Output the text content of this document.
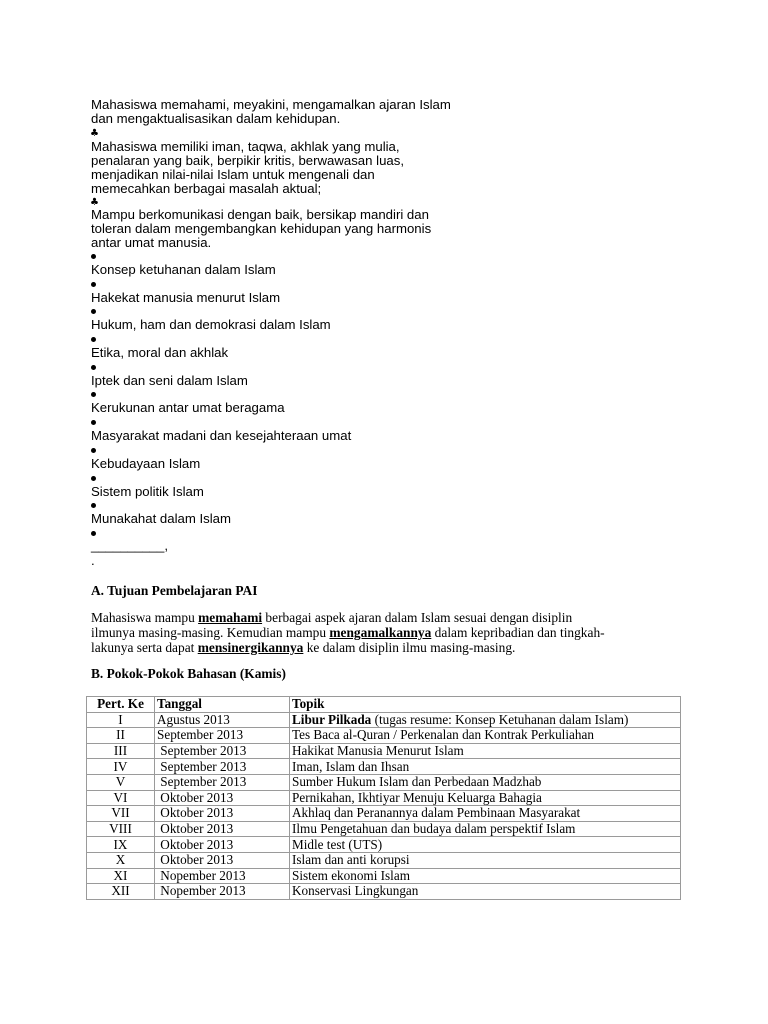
Mahasiswa memahami, meyakini, mengamalkan ajaran Islam
dan mengaktualisasikan dalam kehidupan.
♣
Mahasiswa memiliki iman, taqwa, akhlak yang mulia,
penalaran yang baik, berpikir kritis, berwawasan luas,
menjadikan nilai-nilai Islam untuk mengenali dan
memecahkan berbagai masalah aktual;
♣
Mampu berkomunikasi dengan baik, bersikap mandiri dan
toleran dalam mengembangkan kehidupan yang harmonis
antar umat manusia.
Konsep ketuhanan dalam Islam
Hakekat manusia menurut Islam
Hukum, ham dan demokrasi dalam Islam
Etika, moral dan akhlak
Iptek dan seni dalam Islam
Kerukunan antar umat beragama
Masyarakat madani dan kesejahteraan umat
Kebudayaan Islam
Sistem politik Islam
Munakahat dalam Islam
__________,
.
A. Tujuan Pembelajaran PAI
Mahasiswa mampu memahami berbagai aspek ajaran dalam Islam sesuai dengan disiplin
ilmunya masing-masing. Kemudian mampu mengamalkannya dalam kepribadian dan tingkah-
lakunya serta dapat mensinergikannya ke dalam disiplin ilmu masing-masing.
B. Pokok-Pokok Bahasan (Kamis)
Pert. Ke	Tanggal	Topik
I	Agustus 2013	Libur Pilkada (tugas resume: Konsep Ketuhanan dalam Islam)
II	September 2013	Tes Baca al-Quran / Perkenalan dan Kontrak Perkuliahan
III	September 2013	Hakikat Manusia Menurut Islam
IV	September 2013	Iman, Islam dan Ihsan
V	September 2013	Sumber Hukum Islam dan Perbedaan Madzhab
VI	Oktober 2013	Pernikahan, Ikhtiyar Menuju Keluarga Bahagia
VII	Oktober 2013	Akhlaq dan Peranannya dalam Pembinaan Masyarakat
VIII	Oktober 2013	Ilmu Pengetahuan dan budaya dalam perspektif Islam
IX	Oktober 2013	Midle test (UTS)
X	Oktober 2013	Islam dan anti korupsi
XI	Nopember 2013	Sistem ekonomi Islam
XII	Nopember 2013	Konservasi Lingkungan
